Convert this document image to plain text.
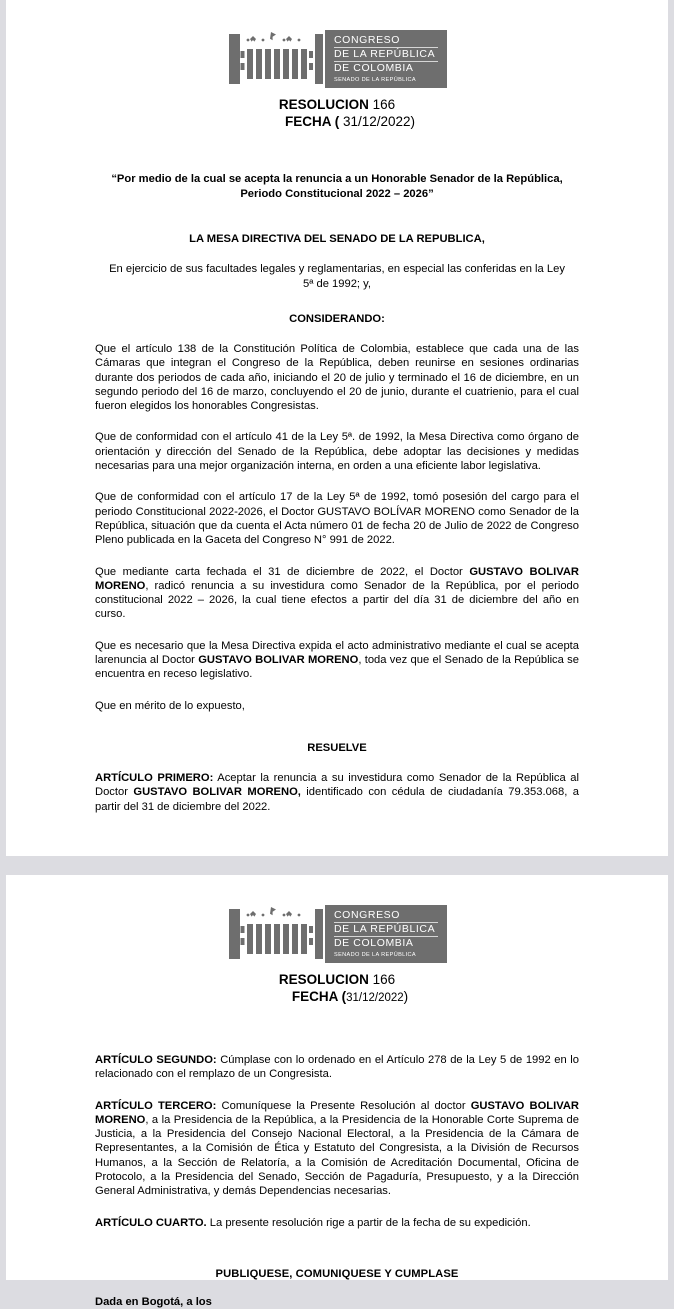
CONGRESO
DE LA REPÚBLICA
DE COLOMBIA
SENADO DE LA REPÚBLICA
RESOLUCION 166
FECHA ( 31/12/2022)
“Por medio de la cual se acepta la renuncia a un Honorable Senador de la República, Periodo Constitucional 2022 – 2026”
LA MESA DIRECTIVA DEL SENADO DE LA REPUBLICA,
En ejercicio de sus facultades legales y reglamentarias, en especial las conferidas en la Ley 5ª de 1992; y,
CONSIDERANDO:

Que el artículo 138 de la Constitución Política de Colombia, establece que cada una de las Cámaras que integran el Congreso de la República, deben reunirse en sesiones ordinarias durante dos periodos de cada año, iniciando el 20 de julio y terminado el 16 de diciembre, en un segundo periodo del 16 de marzo, concluyendo el 20 de junio, durante el cuatrienio, para el cual fueron elegidos los honorables Congresistas.

Que de conformidad con el artículo 41 de la Ley 5ª. de 1992, la Mesa Directiva como órgano de orientación y dirección del Senado de la República, debe adoptar las decisiones y medidas necesarias para una mejor organización interna, en orden a una eficiente labor legislativa.

Que de conformidad con el artículo 17 de la Ley 5ª de 1992, tomó posesión del cargo para el periodo Constitucional 2022-2026, el Doctor GUSTAVO BOLÍVAR MORENO como Senador de la República, situación que da cuenta el Acta número 01 de fecha 20 de Julio de 2022 de Congreso Pleno publicada en la Gaceta del Congreso N° 991 de 2022.

Que mediante carta fechada el 31 de diciembre de 2022, el Doctor GUSTAVO BOLIVAR MORENO, radicó renuncia a su investidura como Senador de la República, por el periodo constitucional 2022 – 2026, la cual tiene efectos a partir del día 31 de diciembre del año en curso.

Que es necesario que la Mesa Directiva expida el acto administrativo mediante el cual se acepta larenuncia al Doctor GUSTAVO BOLIVAR MORENO, toda vez que el Senado de la República se encuentra en receso legislativo.

Que en mérito de lo expuesto,

RESUELVE

ARTÍCULO PRIMERO: Aceptar la renuncia a su investidura como Senador de la República al Doctor GUSTAVO BOLIVAR MORENO, identificado con cédula de ciudadanía 79.353.068, a partir del 31 de diciembre del 2022.

CONGRESO
DE LA REPÚBLICA
DE COLOMBIA
SENADO DE LA REPÚBLICA
RESOLUCION 166
FECHA (31/12/2022)

ARTÍCULO SEGUNDO: Cúmplase con lo ordenado en el Artículo 278 de la Ley 5 de 1992 en lo relacionado con el remplazo de un Congresista.

ARTÍCULO TERCERO: Comuníquese la Presente Resolución al doctor GUSTAVO BOLIVAR MORENO, a la Presidencia de la República, a la Presidencia de la Honorable Corte Suprema de Justicia, a la Presidencia del Consejo Nacional Electoral, a la Presidencia de la Cámara de Representantes, a la Comisión de Ética y Estatuto del Congresista, a la División de Recursos Humanos, a la Sección de Relatoría, a la Comisión de Acreditación Documental, Oficina de Protocolo, a la Presidencia del Senado, Sección de Pagaduría, Presupuesto, y a la Dirección General Administrativa, y demás Dependencias necesarias.

ARTÍCULO CUARTO. La presente resolución rige a partir de la fecha de su expedición.

PUBLIQUESE, COMUNIQUESE Y CUMPLASE
Dada en Bogotá, a los
